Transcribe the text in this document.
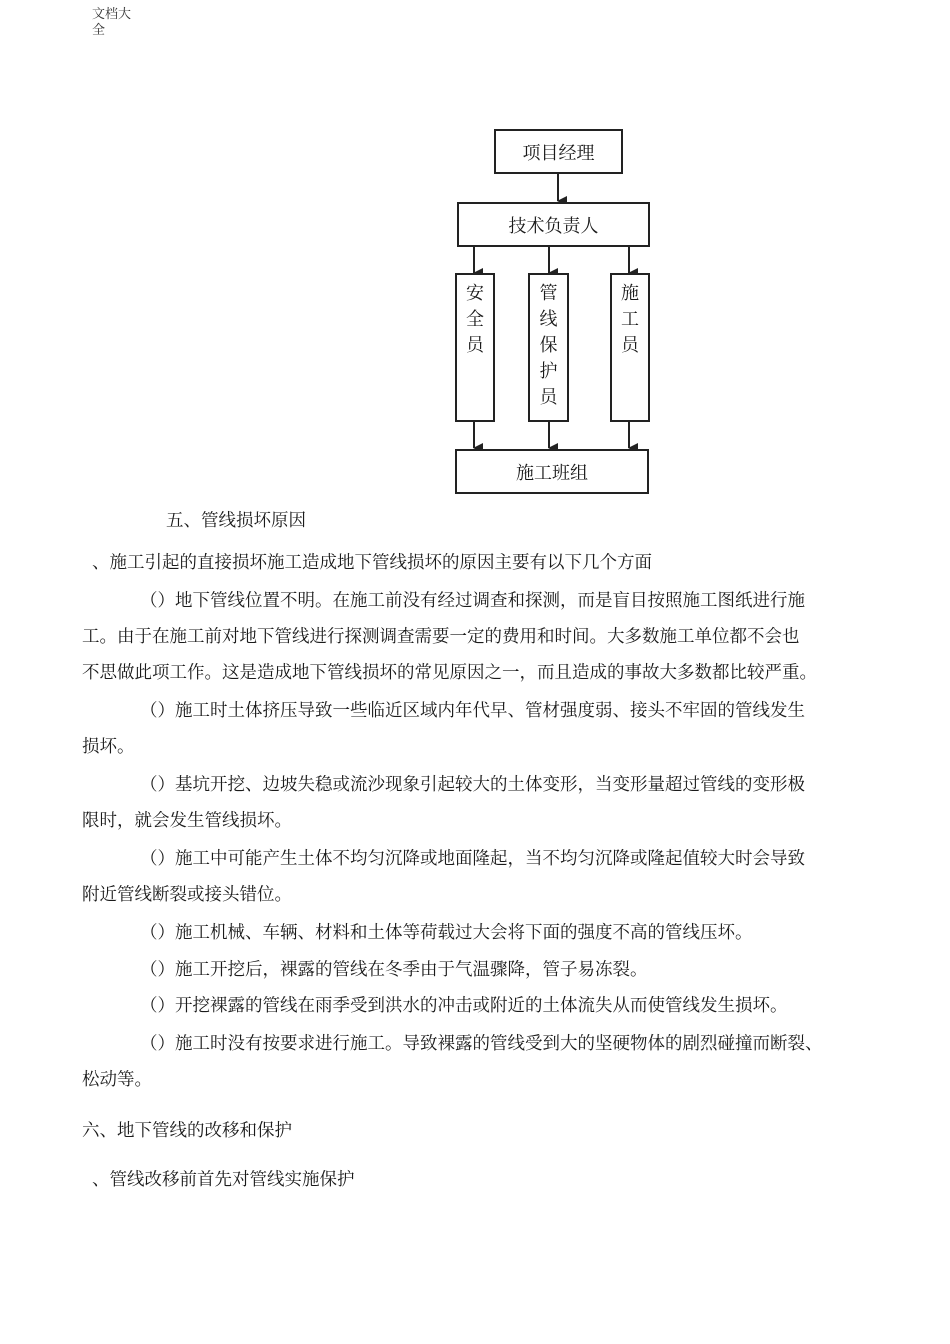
文档大
全
项目经理
技术负责人
安
全
员
管
线
保
护
员
施
工
员
施工班组
五、管线损坏原因
、施工引起的直接损坏施工造成地下管线损坏的原因主要有以下几个方面
（）地下管线位置不明。在施工前没有经过调查和探测，而是盲目按照施工图纸进行施
工。由于在施工前对地下管线进行探测调查需要一定的费用和时间。大多数施工单位都不会也
不思做此项工作。这是造成地下管线损坏的常见原因之一，而且造成的事故大多数都比较严重。
（）施工时土体挤压导致一些临近区域内年代早、管材强度弱、接头不牢固的管线发生
损坏。
（）基坑开挖、边坡失稳或流沙现象引起较大的土体变形，当变形量超过管线的变形极
限时，就会发生管线损坏。
（）施工中可能产生土体不均匀沉降或地面隆起，当不均匀沉降或隆起值较大时会导致
附近管线断裂或接头错位。
（）施工机械、车辆、材料和土体等荷载过大会将下面的强度不高的管线压坏。
（）施工开挖后，裸露的管线在冬季由于气温骤降，管子易冻裂。
（）开挖裸露的管线在雨季受到洪水的冲击或附近的土体流失从而使管线发生损坏。
（）施工时没有按要求进行施工。导致裸露的管线受到大的坚硬物体的剧烈碰撞而断裂、
松动等。
六、地下管线的改移和保护
、管线改移前首先对管线实施保护
